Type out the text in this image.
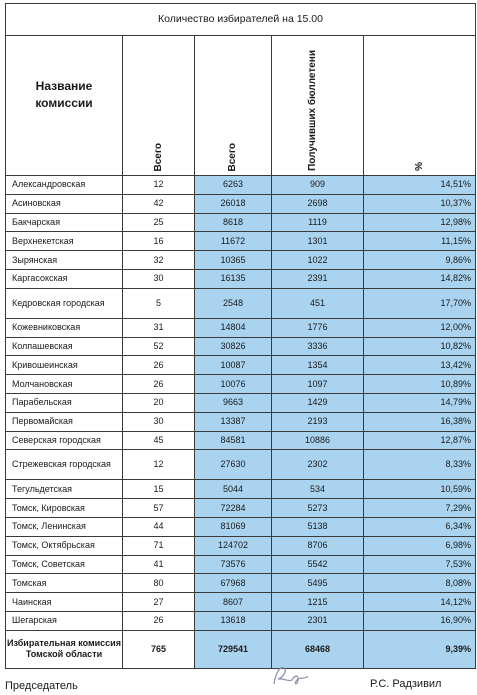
Количество избирателей на 15.00				
Название комиссии	Всего	Всего	Получивших бюллетени	%

Александровская	12	6263	909	14,51%
Асиновская	42	26018	2698	10,37%
Бакчарская	25	8618	1119	12,98%
Верхнекетская	16	11672	1301	11,15%
Зырянская	32	10365	1022	9,86%
Каргасокская	30	16135	2391	14,82%
Кедровская городская	5	2548	451	17,70%
Кожевниковская	31	14804	1776	12,00%
Колпашевская	52	30826	3336	10,82%
Кривошеинская	26	10087	1354	13,42%
Молчановская	26	10076	1097	10,89%
Парабельская	20	9663	1429	14,79%
Первомайская	30	13387	2193	16,38%
Северская городская	45	84581	10886	12,87%
Стрежевская городская	12	27630	2302	8,33%
Тегульдетская	15	5044	534	10,59%
Томск, Кировская	57	72284	5273	7,29%
Томск, Ленинская	44	81069	5138	6,34%
Томск, Октябрьская	71	124702	8706	6,98%
Томск, Советская	41	73576	5542	7,53%
Томская	80	67968	5495	8,08%
Чаинская	27	8607	1215	14,12%
Шегарская	26	13618	2301	16,90%
Избирательная комиссия Томской области	765	729541	68468	9,39%
Председатель	Р.С. Радзивил
